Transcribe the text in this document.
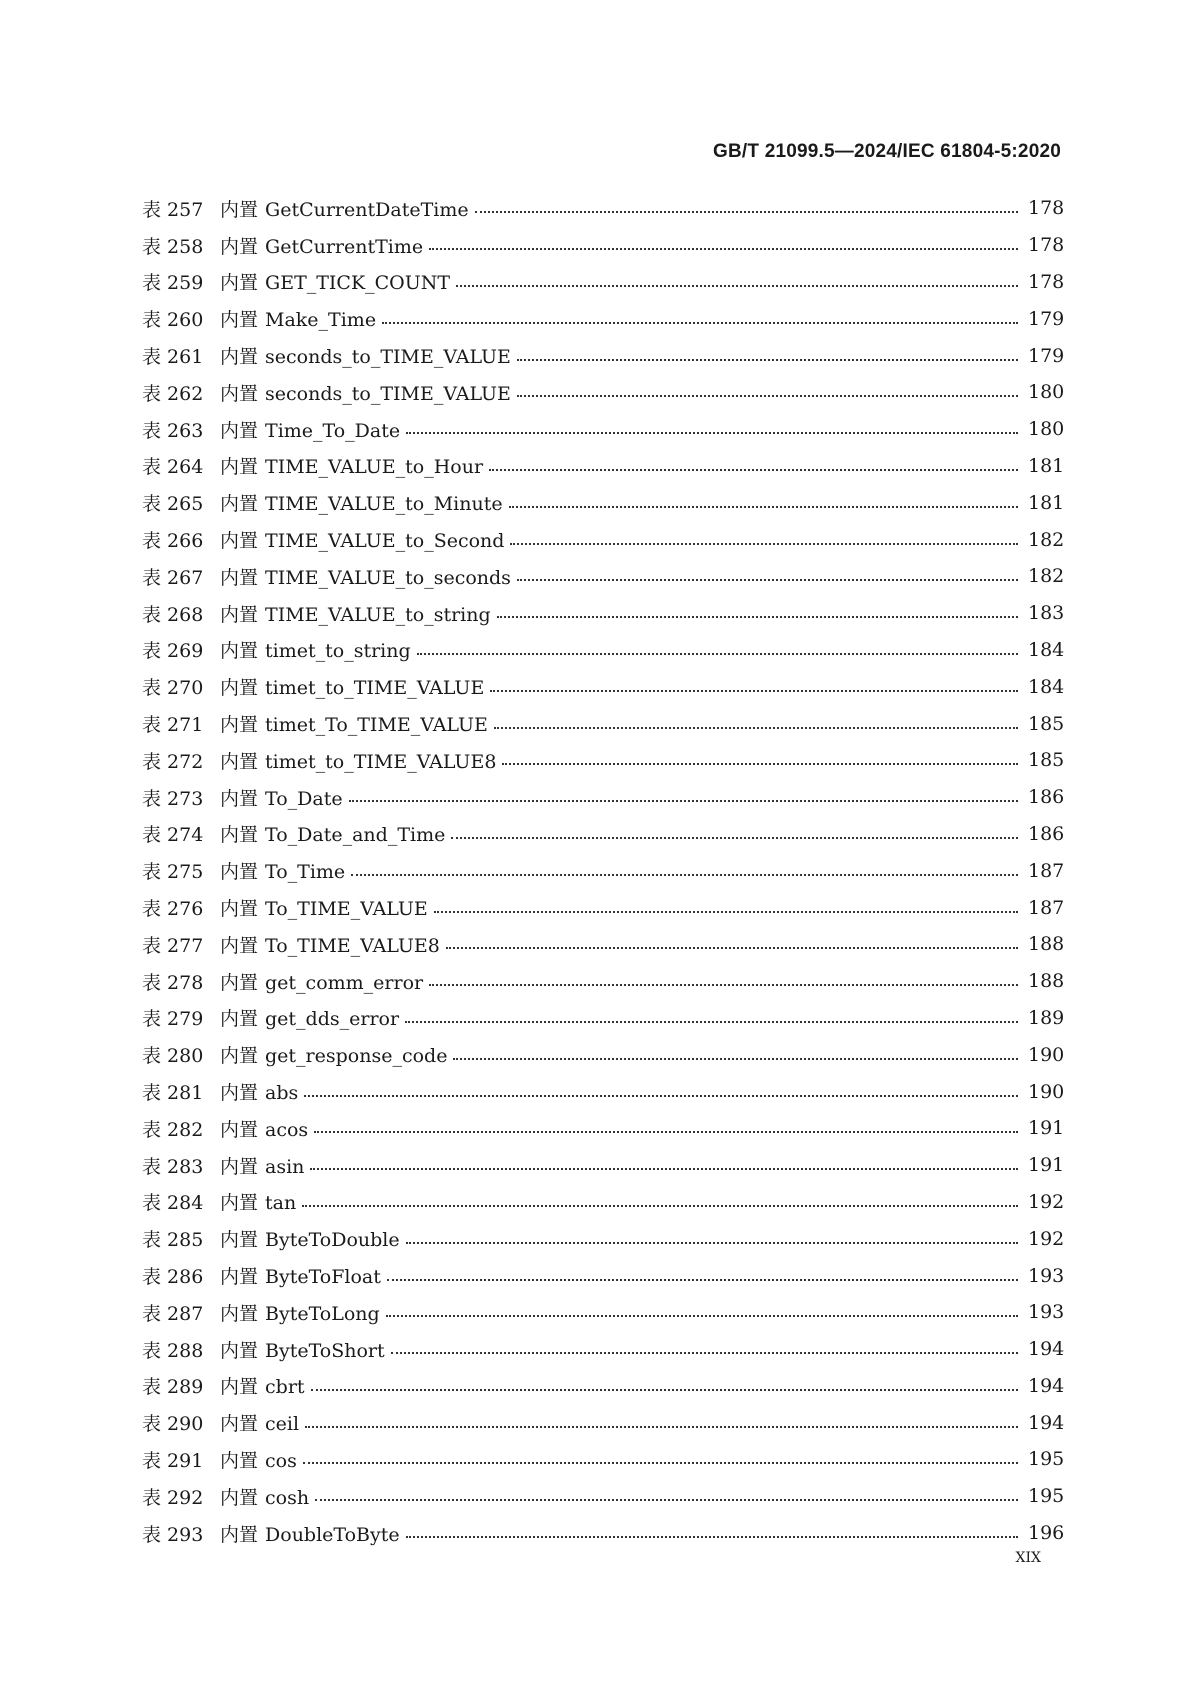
GB/T 21099.5—2024/IEC 61804-5:2020
表 257 内置 GetCurrentDateTime	178
表 258 内置 GetCurrentTime	178
表 259 内置 GET_TICK_COUNT	178
表 260 内置 Make_Time	179
表 261 内置 seconds_to_TIME_VALUE	179
表 262 内置 seconds_to_TIME_VALUE	180
表 263 内置 Time_To_Date	180
表 264 内置 TIME_VALUE_to_Hour	181
表 265 内置 TIME_VALUE_to_Minute	181
表 266 内置 TIME_VALUE_to_Second	182
表 267 内置 TIME_VALUE_to_seconds	182
表 268 内置 TIME_VALUE_to_string	183
表 269 内置 timet_to_string	184
表 270 内置 timet_to_TIME_VALUE	184
表 271 内置 timet_To_TIME_VALUE	185
表 272 内置 timet_to_TIME_VALUE8	185
表 273 内置 To_Date	186
表 274 内置 To_Date_and_Time	186
表 275 内置 To_Time	187
表 276 内置 To_TIME_VALUE	187
表 277 内置 To_TIME_VALUE8	188
表 278 内置 get_comm_error	188
表 279 内置 get_dds_error	189
表 280 内置 get_response_code	190
表 281 内置 abs	190
表 282 内置 acos	191
表 283 内置 asin	191
表 284 内置 tan	192
表 285 内置 ByteToDouble	192
表 286 内置 ByteToFloat	193
表 287 内置 ByteToLong	193
表 288 内置 ByteToShort	194
表 289 内置 cbrt	194
表 290 内置 ceil	194
表 291 内置 cos	195
表 292 内置 cosh	195
表 293 内置 DoubleToByte	196
XIX
